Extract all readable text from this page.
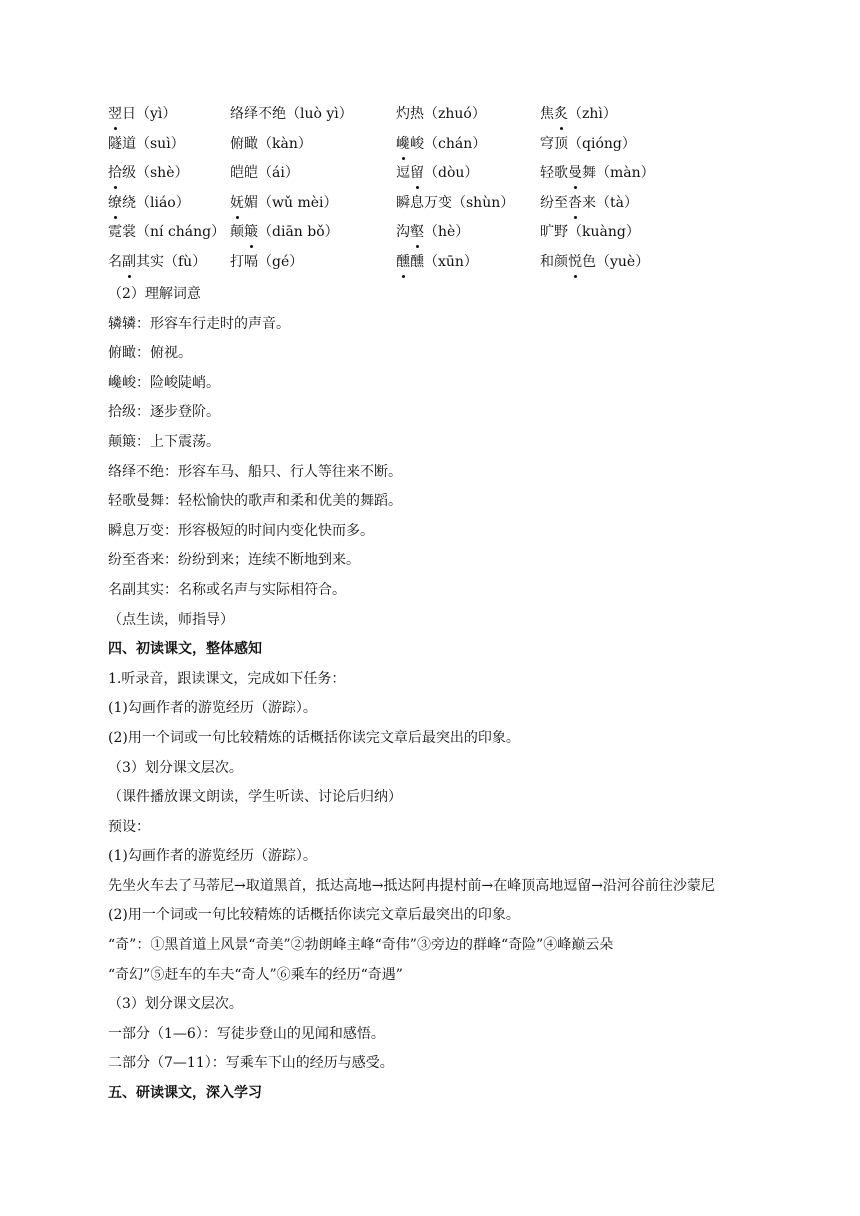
翌日（yì）	络绎不绝（luò yì）	灼热（zhuó）	焦炙（zhì）
隧道（suì）	俯瞰（kàn）	巉峻（chán）	穹顶（qióng）
拾级（shè）	皑皑（ái）	逗留（dòu）	轻歌曼舞（màn）
缭绕（liáo）	妩媚（wǔ mèi）	瞬息万变（shùn） 纷至沓来（tà）
霓裳（ní cháng） 颠簸（diān bǒ）	沟壑（hè）	旷野（kuàng）
名副其实（fù） 打嗝（gé）	醺醺（xūn）	和颜悦色（yuè）
（2）理解词意
辚辚：形容车行走时的声音。
俯瞰：俯视。
巉峻：险峻陡峭。
拾级：逐步登阶。
颠簸：上下震荡。
络绎不绝：形容车马、船只、行人等往来不断。
轻歌曼舞：轻松愉快的歌声和柔和优美的舞蹈。
瞬息万变：形容极短的时间内变化快而多。
纷至沓来：纷纷到来；连续不断地到来。
名副其实：名称或名声与实际相符合。
（点生读，师指导）
四、初读课文，整体感知
1.听录音，跟读课文，完成如下任务：
(1)勾画作者的游览经历（游踪）。
(2)用一个词或一句比较精炼的话概括你读完文章后最突出的印象。
（3）划分课文层次。
（课件播放课文朗读，学生听读、讨论后归纳）
预设：
(1)勾画作者的游览经历（游踪）。
先坐火车去了马蒂尼→取道黑首，抵达高地→抵达阿冉提村前→在峰顶高地逗留→沿河谷前往沙蒙尼
(2)用一个词或一句比较精炼的话概括你读完文章后最突出的印象。
“奇”：①黑首道上风景“奇美”②勃朗峰主峰“奇伟”③旁边的群峰“奇险”④峰巅云朵
“奇幻”⑤赶车的车夫“奇人”⑥乘车的经历“奇遇”
（3）划分课文层次。
一部分（1—6）：写徒步登山的见闻和感悟。
二部分（7—11）：写乘车下山的经历与感受。
五、研读课文，深入学习
